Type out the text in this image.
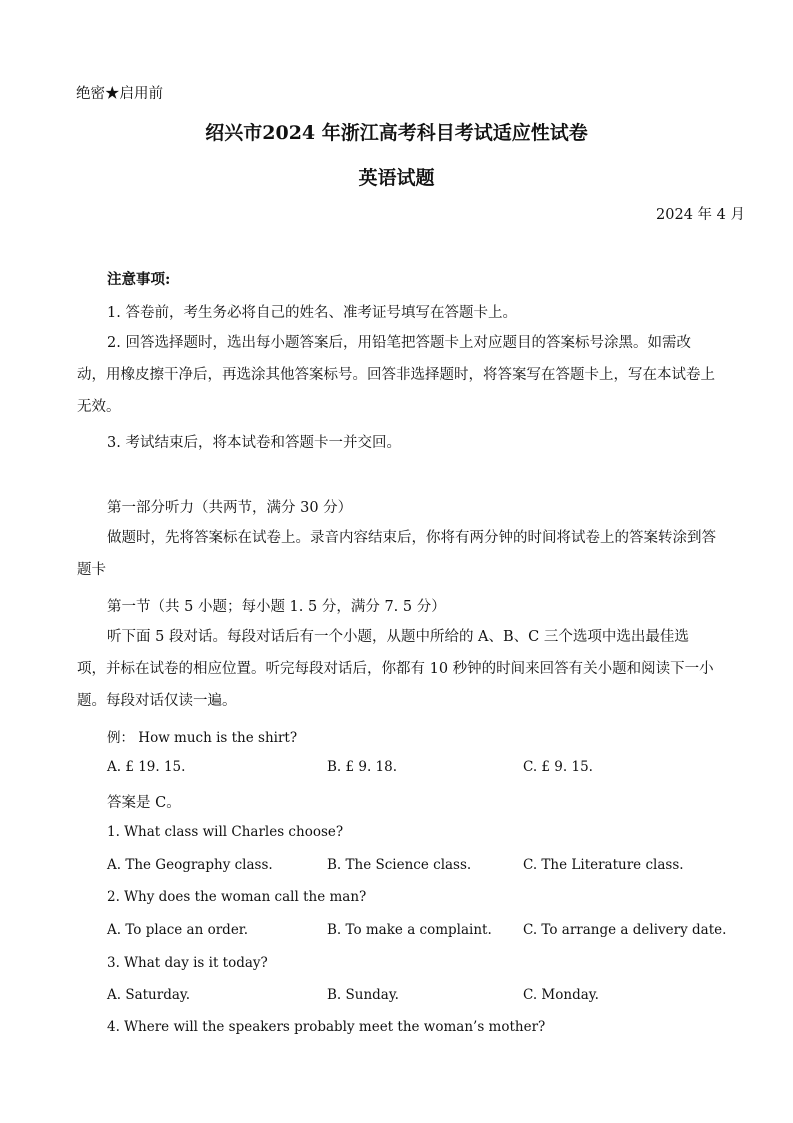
绝密★启用前
绍兴市2024 年浙江高考科目考试适应性试卷
英语试题
2024 年 4 月
注意事项:
1. 答卷前，考生务必将自己的姓名、准考证号填写在答题卡上。
2. 回答选择题时，选出每小题答案后，用铅笔把答题卡上对应题目的答案标号涂黑。如需改动，用橡皮擦干净后，再选涂其他答案标号。回答非选择题时，将答案写在答题卡上，写在本试卷上无效。
3. 考试结束后，将本试卷和答题卡一并交回。
第一部分听力（共两节，满分 30 分）
做题时，先将答案标在试卷上。录音内容结束后，你将有两分钟的时间将试卷上的答案转涂到答题卡
第一节（共 5 小题；每小题 1. 5 分，满分 7. 5 分）
听下面 5 段对话。每段对话后有一个小题，从题中所给的 A、B、C 三个选项中选出最佳选项，并标在试卷的相应位置。听完每段对话后，你都有 10 秒钟的时间来回答有关小题和阅读下一小题。每段对话仅读一遍。
例： How much is the shirt?
A. £ 19. 15.	B. £ 9. 18.	C. £ 9. 15.
答案是 C。
1. What class will Charles choose?
A. The Geography class.	B. The Science class.	C. The Literature class.
2. Why does the woman call the man?
A. To place an order.	B. To make a complaint. C. To arrange a delivery date.
3. What day is it today?
A. Saturday.	B. Sunday.	C. Monday.
4. Where will the speakers probably meet the woman’s mother?
